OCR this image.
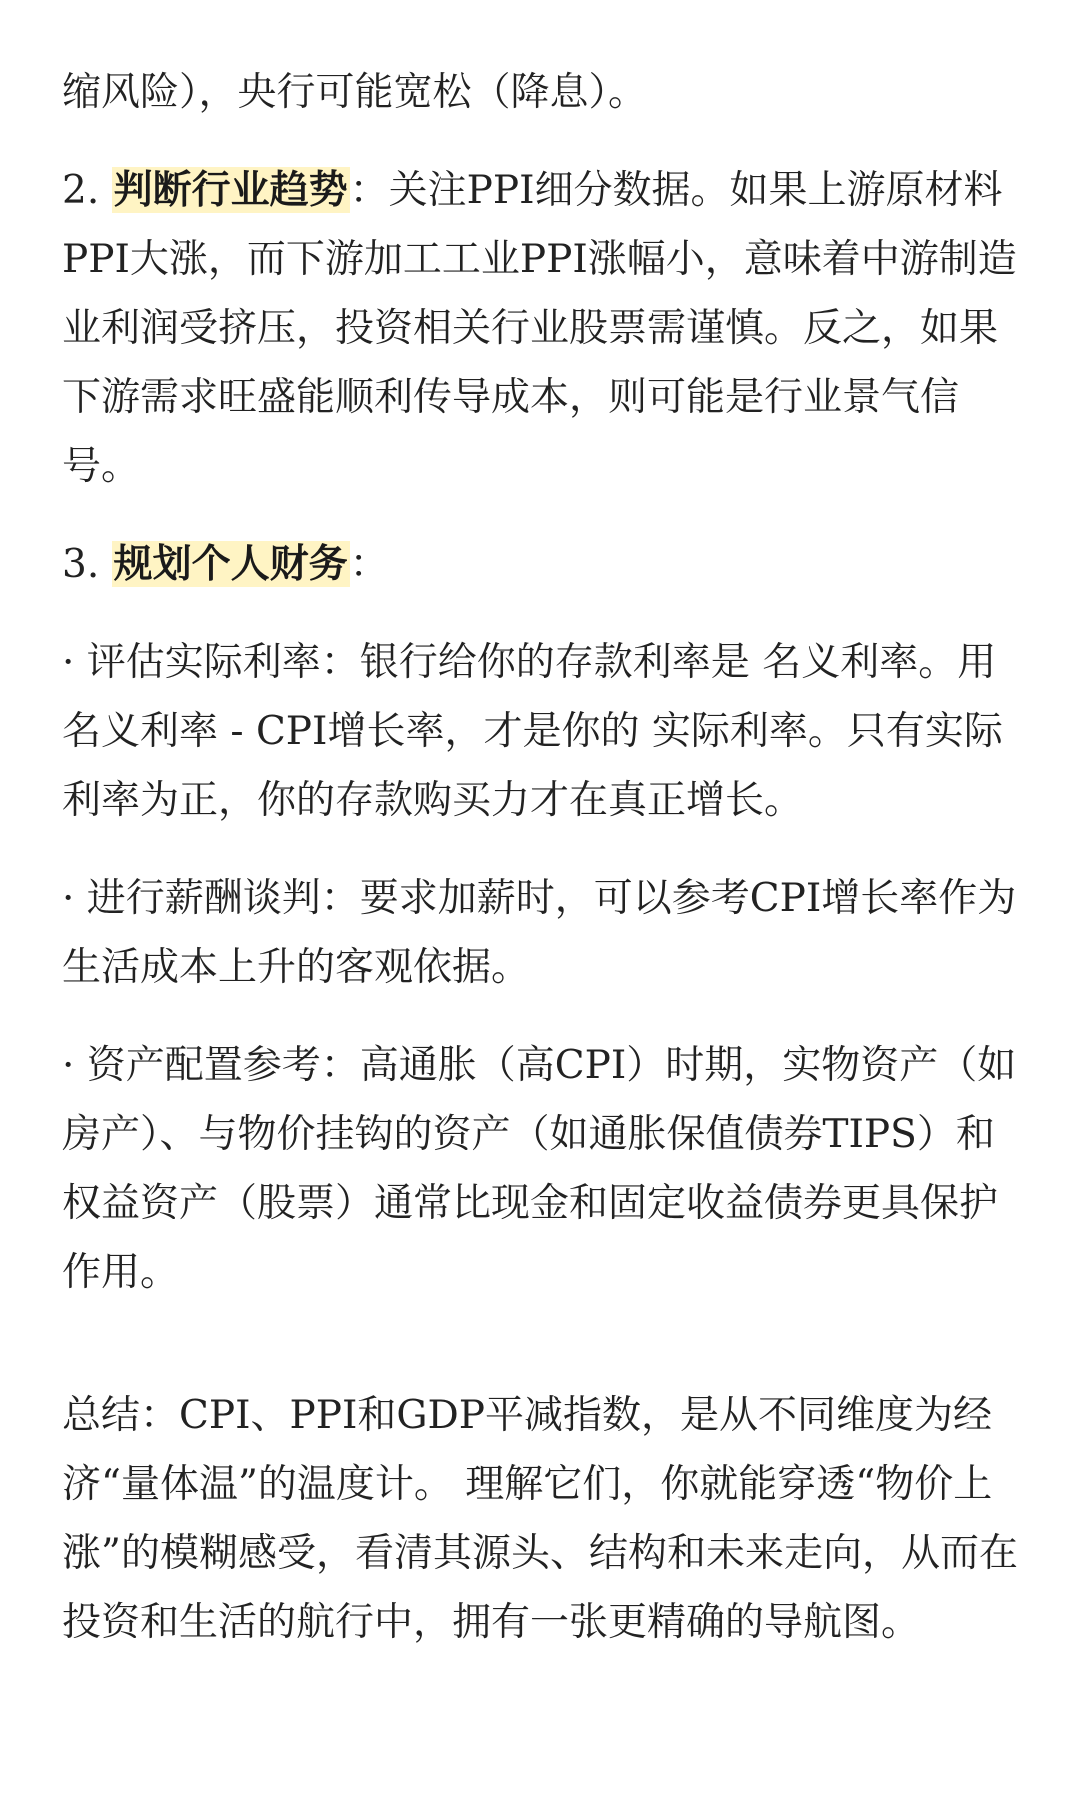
缩风险），央行可能宽松（降息）。

2. 判断行业趋势：关注PPI细分数据。如果上游原材料PPI大涨，而下游加工工业PPI涨幅小，意味着中游制造业利润受挤压，投资相关行业股票需谨慎。反之，如果下游需求旺盛能顺利传导成本，则可能是行业景气信号。

3. 规划个人财务：

· 评估实际利率：银行给你的存款利率是 名义利率。用 名义利率 - CPI增长率，才是你的 实际利率。只有实际利率为正，你的存款购买力才在真正增长。

· 进行薪酬谈判：要求加薪时，可以参考CPI增长率作为生活成本上升的客观依据。

· 资产配置参考：高通胀（高CPI）时期，实物资产（如房产）、与物价挂钩的资产（如通胀保值债券TIPS）和权益资产（股票）通常比现金和固定收益债券更具保护作用。

总结：CPI、PPI和GDP平减指数，是从不同维度为经济“量体温”的温度计。 理解它们，你就能穿透“物价上涨”的模糊感受，看清其源头、结构和未来走向，从而在投资和生活的航行中，拥有一张更精确的导航图。
